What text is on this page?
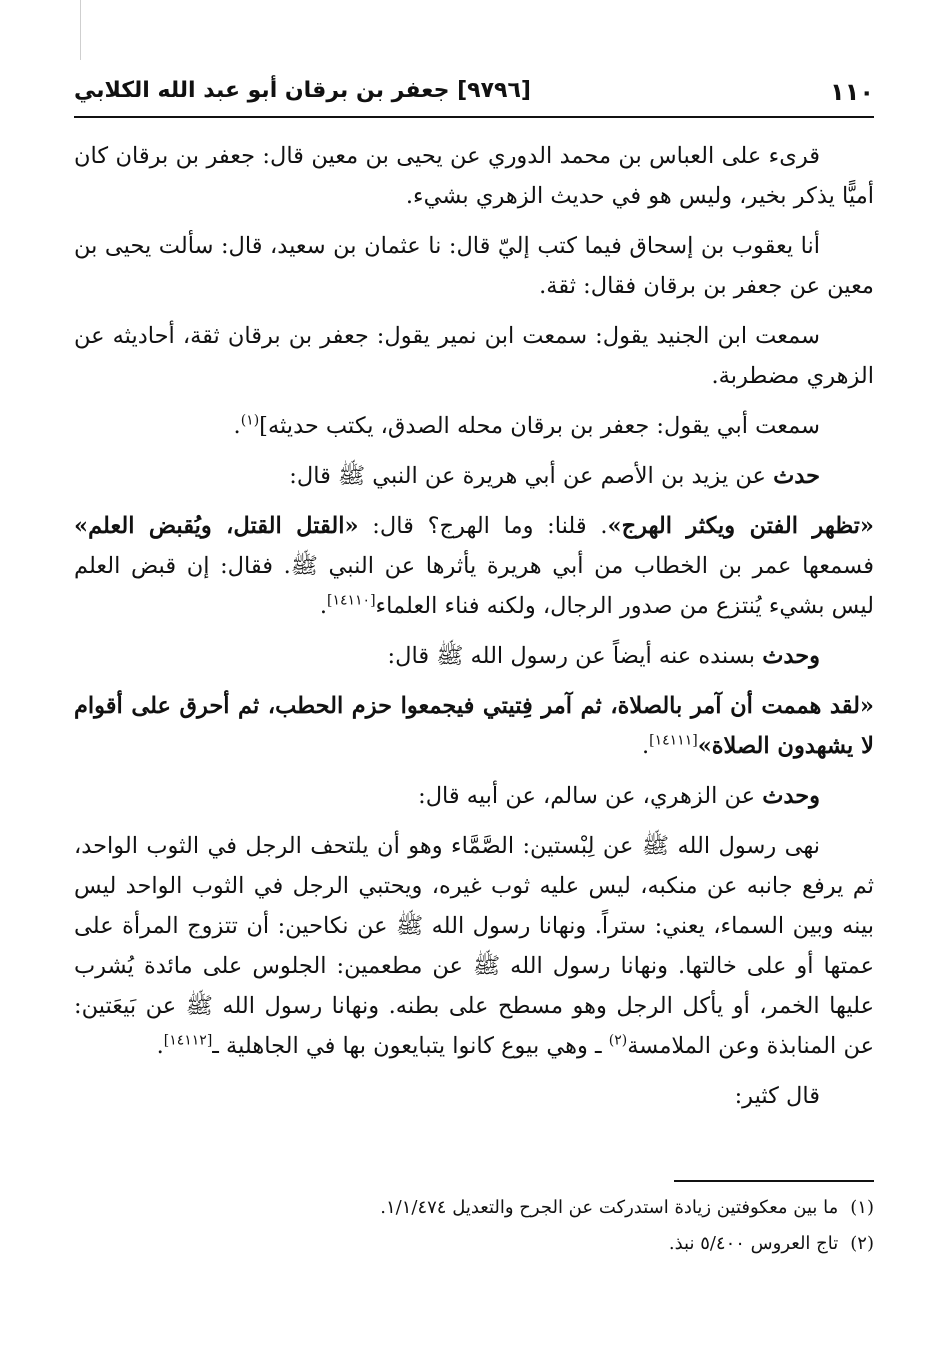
١١٠
[٩٧٩٦] جعفر بن برقان أبو عبد الله الكلابي

قرىء على العباس بن محمد الدوري عن يحيى بن معين قال: جعفر بن برقان كان أميًّا يذكر بخير، وليس هو في حديث الزهري بشيء.

أنا يعقوب بن إسحاق فيما كتب إليّ قال: نا عثمان بن سعيد، قال: سألت يحيى بن معين عن جعفر بن برقان فقال: ثقة.

سمعت ابن الجنيد يقول: سمعت ابن نمير يقول: جعفر بن برقان ثقة، أحاديثه عن الزهري مضطربة.

سمعت أبي يقول: جعفر بن برقان محله الصدق، يكتب حديثه]$^{(١)}$.

حدث عن يزيد بن الأصم عن أبي هريرة عن النبي ﷺ قال:

«تظهر الفتن ويكثر الهرج». قلنا: وما الهرج؟ قال: «القتل القتل، ويُقبض العلم» فسمعها عمر بن الخطاب من أبي هريرة يأثرها عن النبي ﷺ. فقال: إن قبض العلم ليس بشيء يُنتزع من صدور الرجال، ولكنه فناء العلماء[١٤١١٠].

وحدث بسنده عنه أيضاً عن رسول الله ﷺ قال:

«لقد هممت أن آمر بالصلاة، ثم آمر فِتيتي فيجمعوا حزم الحطب، ثم أحرق على أقوام لا يشهدون الصلاة»[١٤١١١].

وحدث عن الزهري، عن سالم، عن أبيه قال:

نهى رسول الله ﷺ عن لِبْستين: الصَّمَّاء وهو أن يلتحف الرجل في الثوب الواحد، ثم يرفع جانبه عن منكبه، ليس عليه ثوب غيره، ويحتبي الرجل في الثوب الواحد ليس بينه وبين السماء، يعني: ستراً. ونهانا رسول الله ﷺ عن نكاحين: أن تتزوج المرأة على عمتها أو على خالتها. ونهانا رسول الله ﷺ عن مطعمين: الجلوس على مائدة يُشرب عليها الخمر، أو يأكل الرجل وهو مسطح على بطنه. ونهانا رسول الله ﷺ عن بَيعَتين: عن المنابذة وعن الملامسة$^{(٢)}$ ـ وهي بيوع كانوا يتبايعون بها في الجاهلية ـ[١٤١١٢].

قال كثير:

(١)ما بين معكوفتين زيادة استدركت عن الجرح والتعديل ١/١/٤٧٤.

(٢)تاج العروس ٥/٤٠٠ نبذ.
